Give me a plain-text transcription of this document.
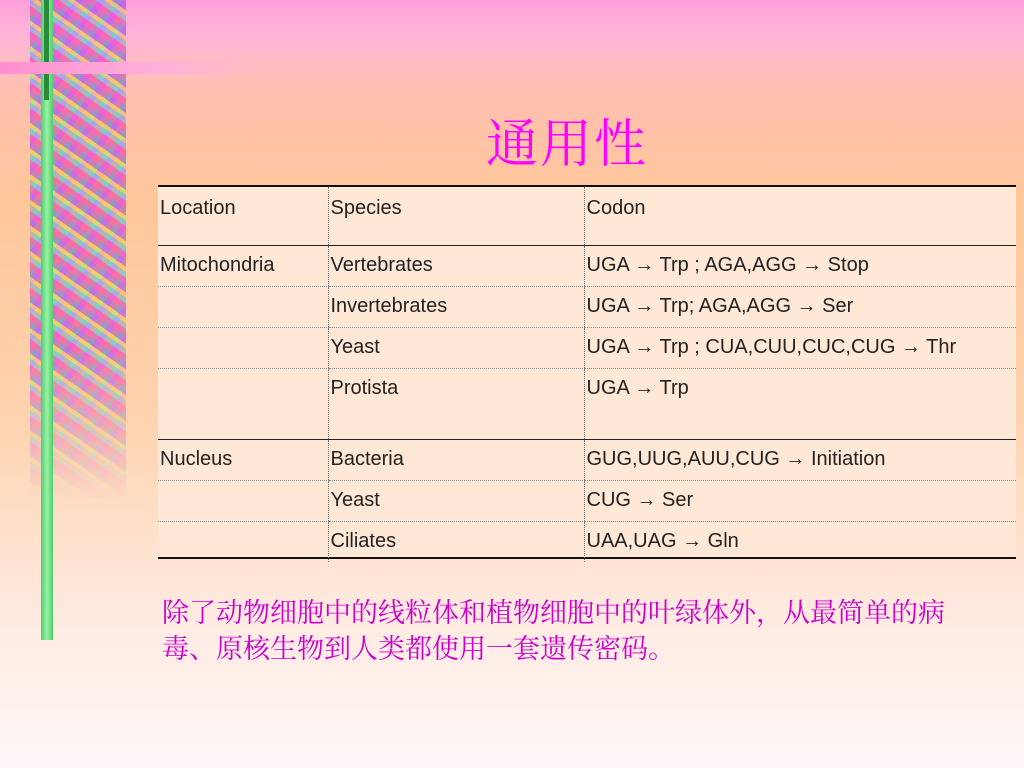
通用性
Location	Species	Codon
Mitochondria	Vertebrates	UGA → Trp ; AGA,AGG → Stop
	Invertebrates	UGA → Trp; AGA,AGG → Ser
	Yeast	UGA → Trp ; CUA,CUU,CUC,CUG → Thr
	Protista	UGA → Trp
Nucleus	Bacteria	GUG,UUG,AUU,CUG → Initiation
	Yeast	CUG → Ser
	Ciliates	UAA,UAG → Gln

除了动物细胞中的线粒体和植物细胞中的叶绿体外，从最简单的病毒、原核生物到人类都使用一套遗传密码。
